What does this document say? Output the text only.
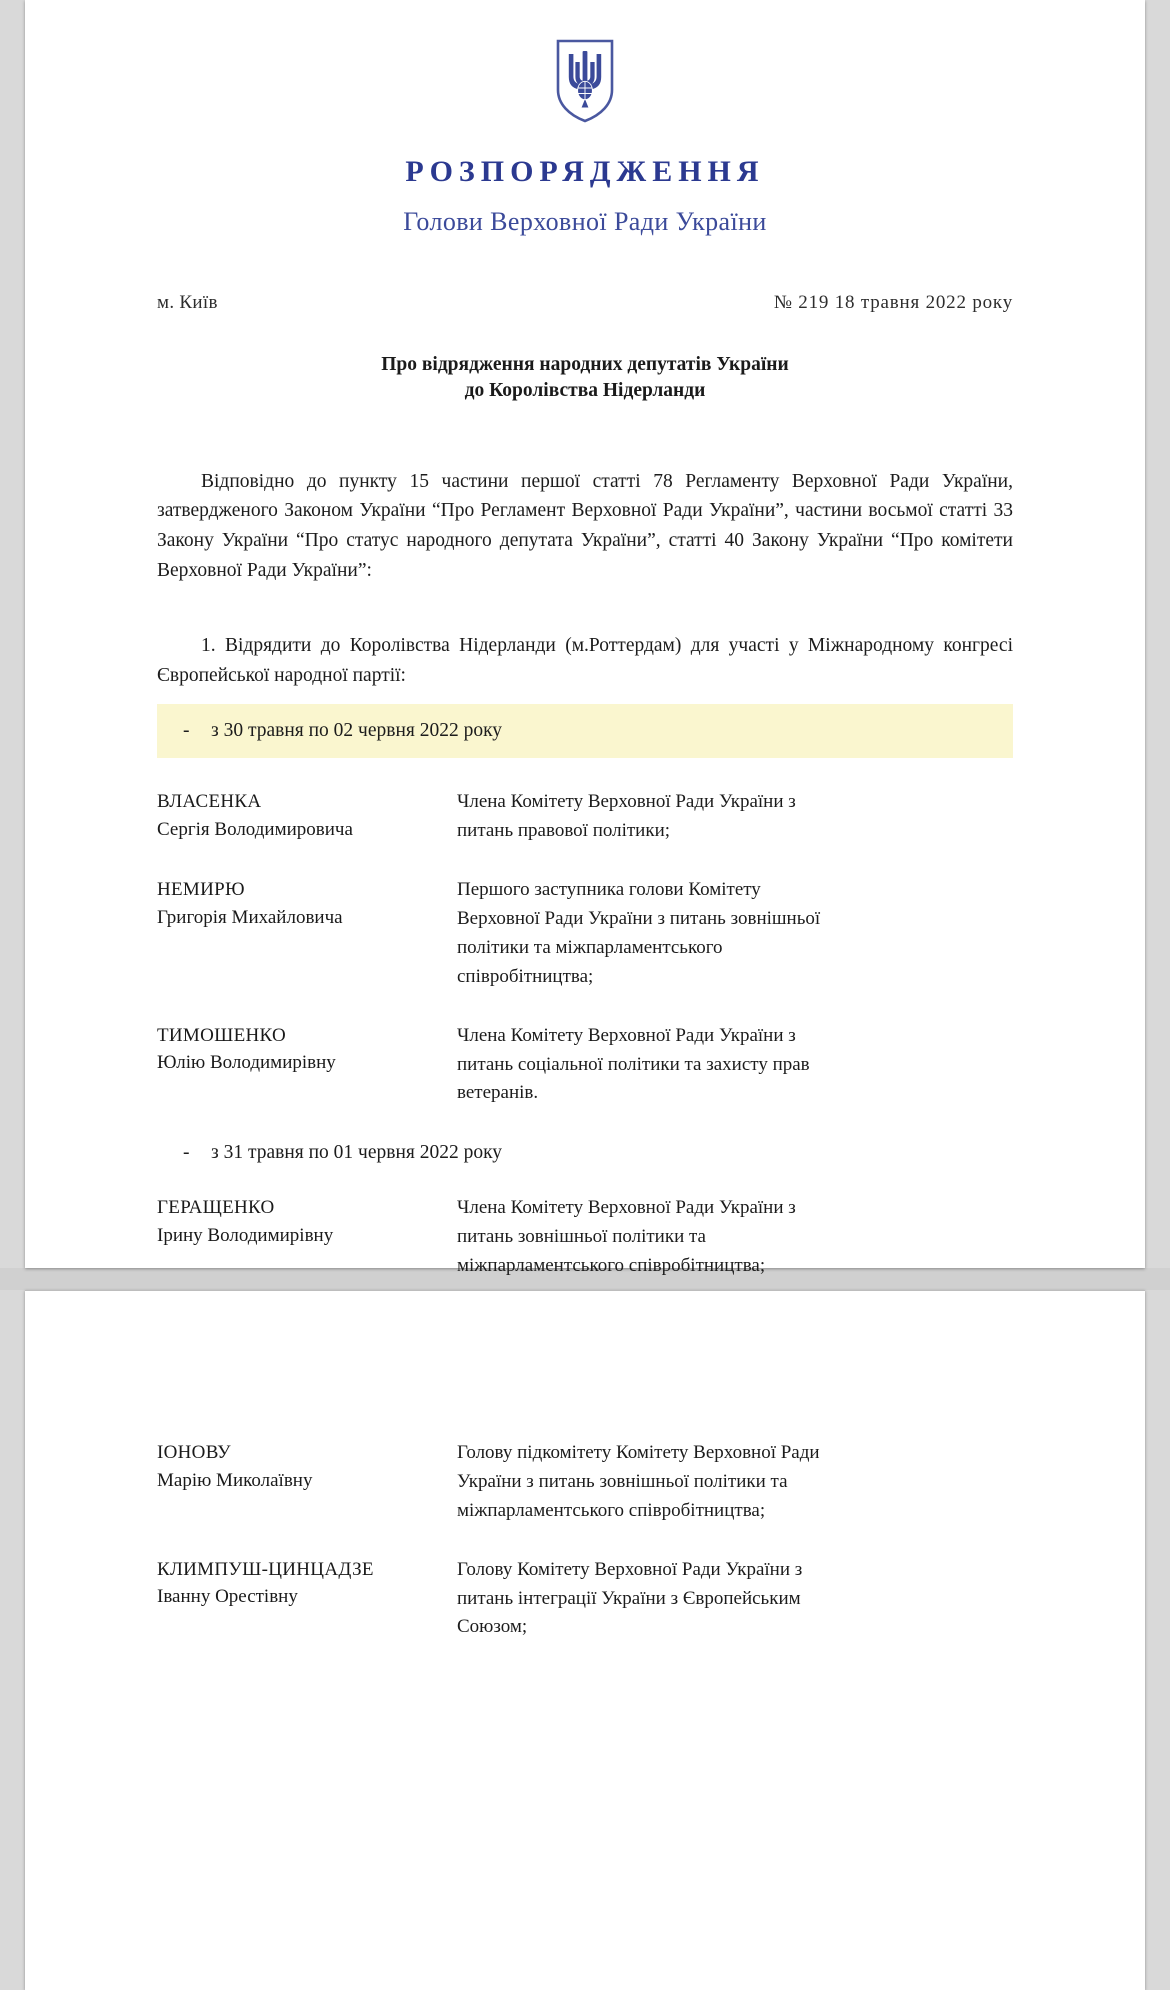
РОЗПОРЯДЖЕННЯ
Голови Верховної Ради України
м. Київ	№ 219 18 травня 2022 року
Про відрядження народних депутатів України
до Королівства Нідерланди
Відповідно до пункту 15 частини першої статті 78 Регламенту Верховної Ради України, затвердженого Законом України “Про Регламент Верховної Ради України”, частини восьмої статті 33 Закону України “Про статус народного депутата України”, статті 40 Закону України “Про комітети Верховної Ради України”:
1. Відрядити до Королівства Нідерланди (м.Роттердам) для участі у Міжнародному конгресі Європейської народної партії:
- з 30 травня по 02 червня 2022 року
ВЛАСЕНКА
Сергія Володимировича
Члена Комітету Верховної Ради України з
питань правової політики;
НЕМИРЮ
Григорія Михайловича
Першого заступника голови Комітету
Верховної Ради України з питань зовнішньої
політики та міжпарламентського
співробітництва;
ТИМОШЕНКО
Юлію Володимирівну
Члена Комітету Верховної Ради України з
питань соціальної політики та захисту прав
ветеранів.
- з 31 травня по 01 червня 2022 року
ГЕРАЩЕНКО
Ірину Володимирівну
Члена Комітету Верховної Ради України з
питань зовнішньої політики та
міжпарламентського співробітництва;
ІОНОВУ
Марію Миколаївну
Голову підкомітету Комітету Верховної Ради
України з питань зовнішньої політики та
міжпарламентського співробітництва;
КЛИМПУШ-ЦИНЦАДЗЕ
Іванну Орестівну
Голову Комітету Верховної Ради України з
питань інтеграції України з Європейським
Союзом;
